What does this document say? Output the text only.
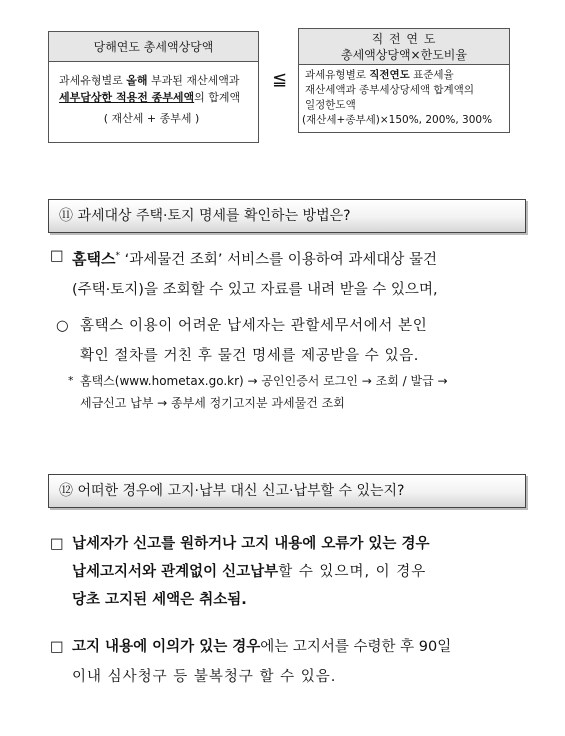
당해연도 총세액상당액
과세유형별로 올해 부과된 재산세액과
세부담상한 적용전 종부세액의 합계액
( 재산세 + 종부세 )
≦
직 전 연 도
총세액상당액×한도비율
과세유형별로 직전연도 표준세율
재산세액과 종부세상당세액 합계액의
일정한도액
(재산세+종부세)×150%, 200%, 300%
⑪ 과세대상 주택·토지 명세를 확인하는 방법은?
□ 홈택스* ‘과세물건 조회’ 서비스를 이용하여 과세대상 물건
(주택·토지)을 조회할 수 있고 자료를 내려 받을 수 있으며,
○ 홈택스 이용이 어려운 납세자는 관할세무서에서 본인
확인 절차를 거친 후 물건 명세를 제공받을 수 있음.
* 홈택스(www.hometax.go.kr) → 공인인증서 로그인 → 조회 / 발급 →
세금신고 납부 → 종부세 정기고지분 과세물건 조회
⑫ 어떠한 경우에 고지·납부 대신 신고·납부할 수 있는지?
□ 납세자가 신고를 원하거나 고지 내용에 오류가 있는 경우
납세고지서와 관계없이 신고납부할 수 있으며, 이 경우
당초 고지된 세액은 취소됨.
□ 고지 내용에 이의가 있는 경우에는 고지서를 수령한 후 90일
이내 심사청구 등 불복청구 할 수 있음.
